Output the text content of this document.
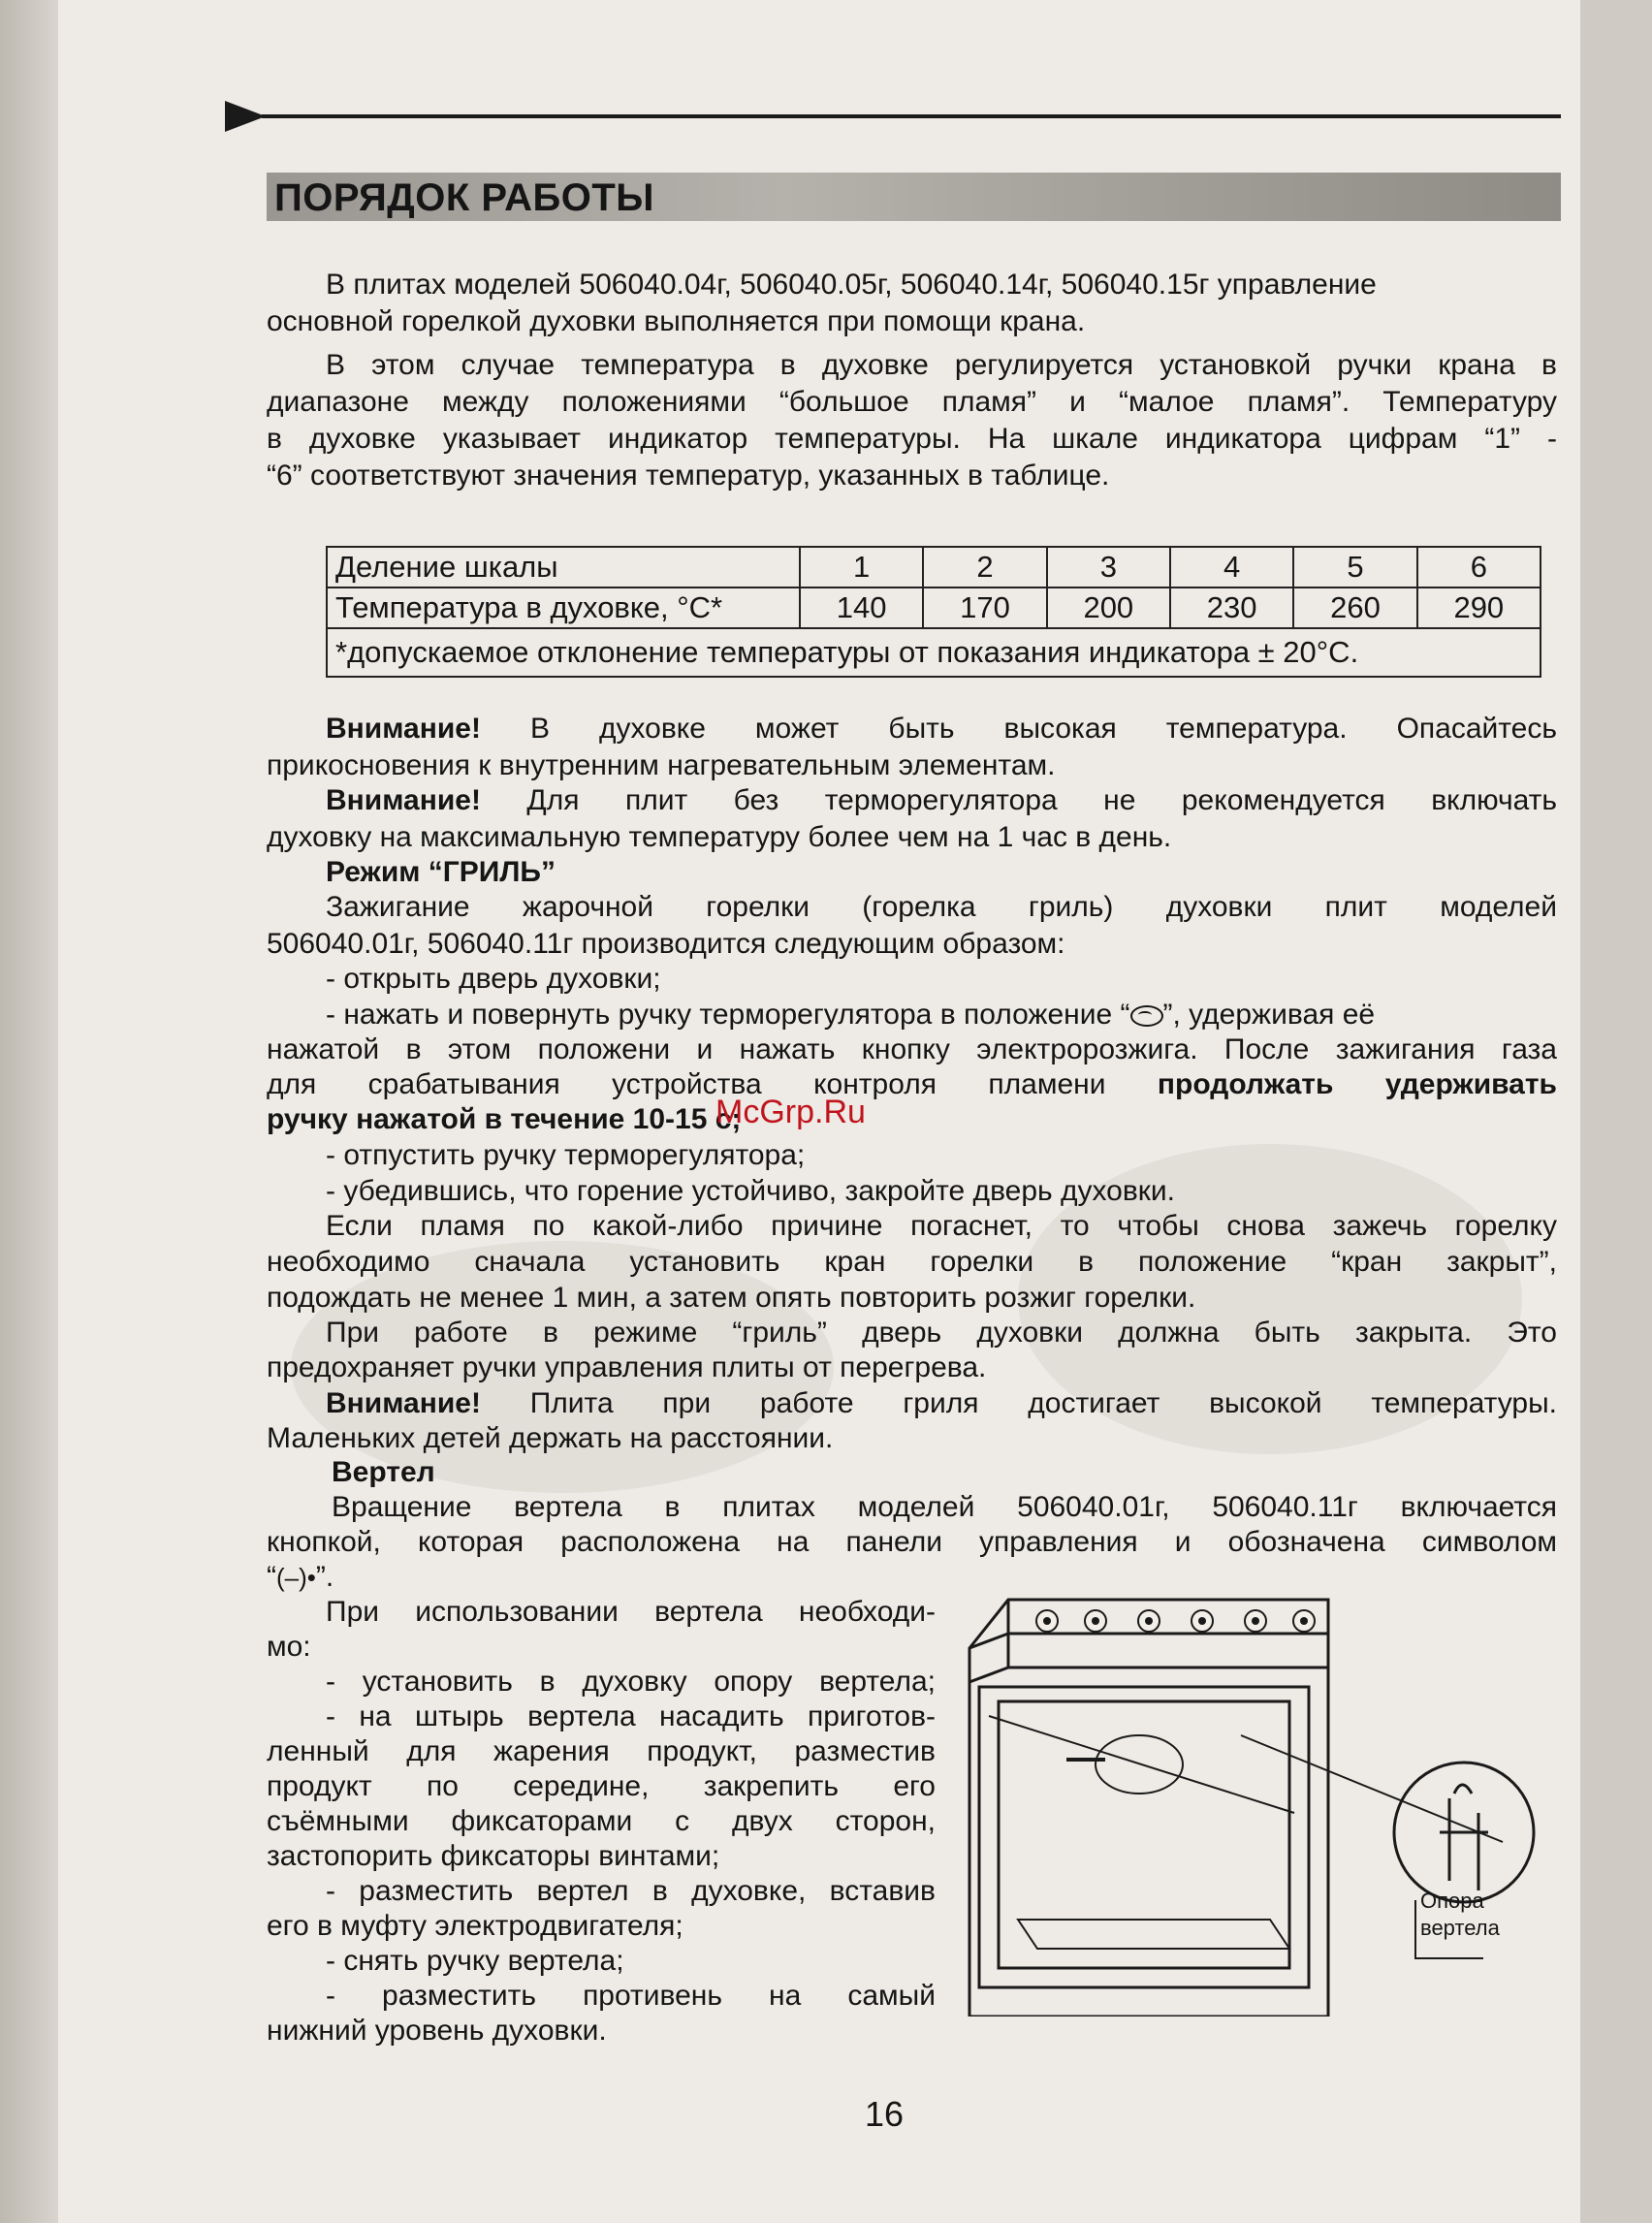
ПОРЯДОК РАБОТЫ
В плитах моделей 506040.04г, 506040.05г, 506040.14г, 506040.15г управление
основной горелкой духовки выполняется при помощи крана.
В этом случае температура в духовке регулируется установкой ручки крана в
диапазоне между положениями “большое пламя” и “малое пламя”. Температуру
в духовке указывает индикатор температуры. На шкале индикатора цифрам “1” -
“6” соответствуют значения температур, указанных в таблице.
Деление шкалы	1	2	3	4	5	6
Температура в духовке, °С*	140	170	200	230	260	290
*допускаемое отклонение температуры от показания индикатора ± 20°С.						
Внимание! В духовке может быть высокая температура. Опасайтесь
прикосновения к внутренним нагревательным элементам.
Внимание! Для плит без терморегулятора не рекомендуется включать
духовку на максимальную температуру более чем на 1 час в день.
Режим “ГРИЛЬ”
Зажигание жарочной горелки (горелка гриль) духовки плит моделей
506040.01г, 506040.11г производится следующим образом:
- открыть дверь духовки;
- нажать и повернуть ручку терморегулятора в положение “ ”, удерживая её
нажатой в этом положени и нажать кнопку электророзжига. После зажигания газа
для срабатывания устройства контроля пламени продолжать удерживать
ручку нажатой в течение 10-15 с;
- отпустить ручку терморегулятора;
- убедившись, что горение устойчиво, закройте дверь духовки.
Если пламя по какой-либо причине погаснет, то чтобы снова зажечь горелку
необходимо сначала установить кран горелки в положение “кран закрыт”,
подождать не менее 1 мин, а затем опять повторить розжиг горелки.
При работе в режиме “гриль” дверь духовки должна быть закрыта. Это
предохраняет ручки управления плиты от перегрева.
Внимание! Плита при работе гриля достигает высокой температуры.
Маленьких детей держать на расстоянии.
Вертел
Вращение вертела в плитах моделей 506040.01г, 506040.11г включается
кнопкой, которая расположена на панели управления и обозначена символом
“(‒)•”.
При использовании вертела необходи-
мо:
- установить в духовку опору вертела;
- на штырь вертела насадить приготов-
ленный для жарения продукт, разместив
продукт по середине, закрепить его
съёмными фиксаторами с двух сторон,
застопорить фиксаторы винтами;
- разместить вертел в духовке, вставив
его в муфту электродвигателя;
- снять ручку вертела;
- разместить противень на самый
нижний уровень духовки.
Опора
вертела
McGrp.Ru
16
